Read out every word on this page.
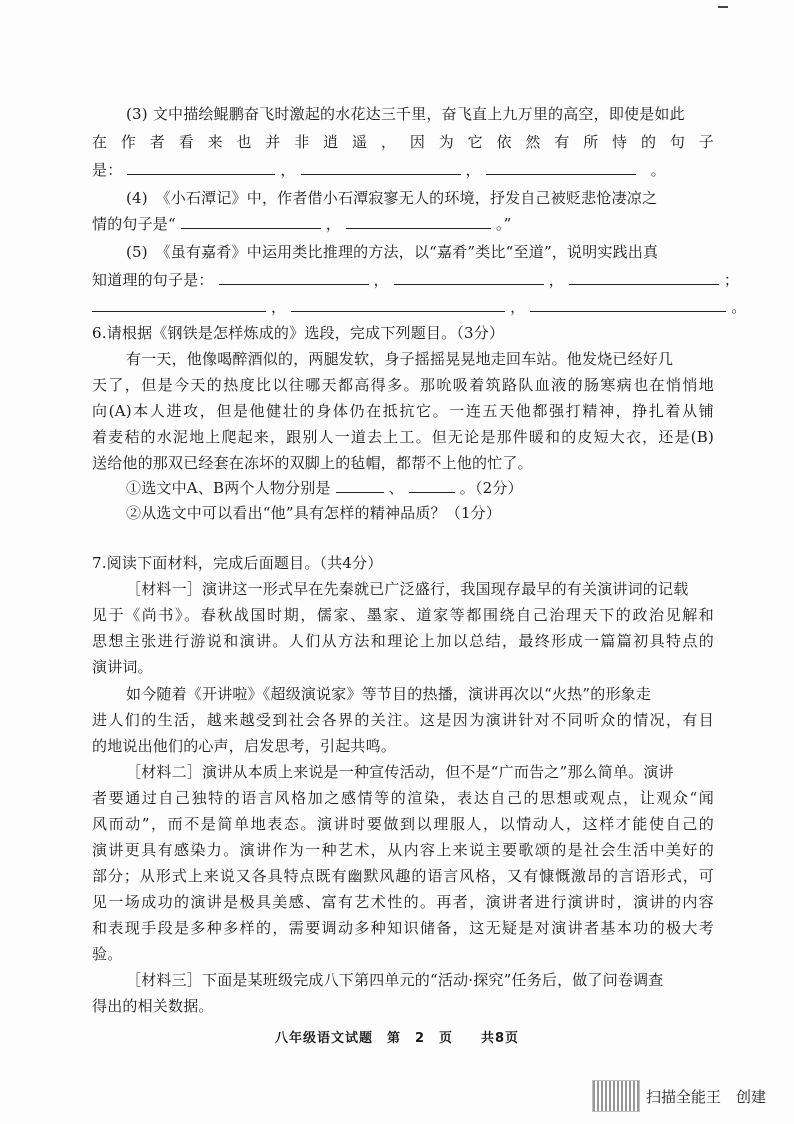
(3) 文中描绘鲲鹏奋飞时激起的水花达三千里，奋飞直上九万里的高空，即使是如此
在作者看来也并非逍遥，因为它依然有所恃的句子
是：	，	，	。
(4)　《小石潭记》中，作者借小石潭寂寥无人的环境，抒发自己被贬悲怆凄凉之
情的句子是“	，	。”
(5)　《虽有嘉肴》中运用类比推理的方法，以“嘉肴”类比“至道”，说明实践出真
知道理的句子是：	，	，	；
，	，	。
6.请根据《钢铁是怎样炼成的》选段，完成下列题目。（3分）
有一天，他像喝醉酒似的，两腿发软，身子摇摇晃晃地走回车站。他发烧已经好几
天了，但是今天的热度比以往哪天都高得多。那吮吸着筑路队血液的肠寒病也在悄悄地
向(A)本人进攻，但是他健壮的身体仍在抵抗它。一连五天他都强打精神，挣扎着从铺
着麦秸的水泥地上爬起来，跟别人一道去上工。但无论是那件暖和的皮短大衣，还是(B)
送给他的那双已经套在冻坏的双脚上的毡帽，都帮不上他的忙了。
①选文中A、B两个人物分别是	、	。（2分）
②从选文中可以看出“他”具有怎样的精神品质？（1分）
7.阅读下面材料，完成后面题目。（共4分）
［材料一］演讲这一形式早在先秦就已广泛盛行，我国现存最早的有关演讲词的记载
见于《尚书》。春秋战国时期，儒家、墨家、道家等都围绕自己治理天下的政治见解和
思想主张进行游说和演讲。人们从方法和理论上加以总结，最终形成一篇篇初具特点的
演讲词。
如今随着《开讲啦》《超级演说家》等节目的热播，演讲再次以“火热”的形象走
进人们的生活，越来越受到社会各界的关注。这是因为演讲针对不同听众的情况，有目
的地说出他们的心声，启发思考，引起共鸣。
［材料二］演讲从本质上来说是一种宣传活动，但不是“广而告之”那么简单。演讲
者要通过自己独特的语言风格加之感情等的渲染，表达自己的思想或观点，让观众“闻
风而动”，而不是简单地表态。演讲时要做到以理服人，以情动人，这样才能使自己的
演讲更具有感染力。演讲作为一种艺术，从内容上来说主要歌颂的是社会生活中美好的
部分；从形式上来说又各具特点既有幽默风趣的语言风格，又有慷慨激昂的言语形式，可
见一场成功的演讲是极具美感、富有艺术性的。再者，演讲者进行演讲时，演讲的内容
和表现手段是多种多样的，需要调动多种知识储备，这无疑是对演讲者基本功的极大考
验。
［材料三］下面是某班级完成八下第四单元的“活动·探究”任务后，做了问卷调查
得出的相关数据。
八年级语文试题　第　2　页　　共8页
扫描全能王　创建
